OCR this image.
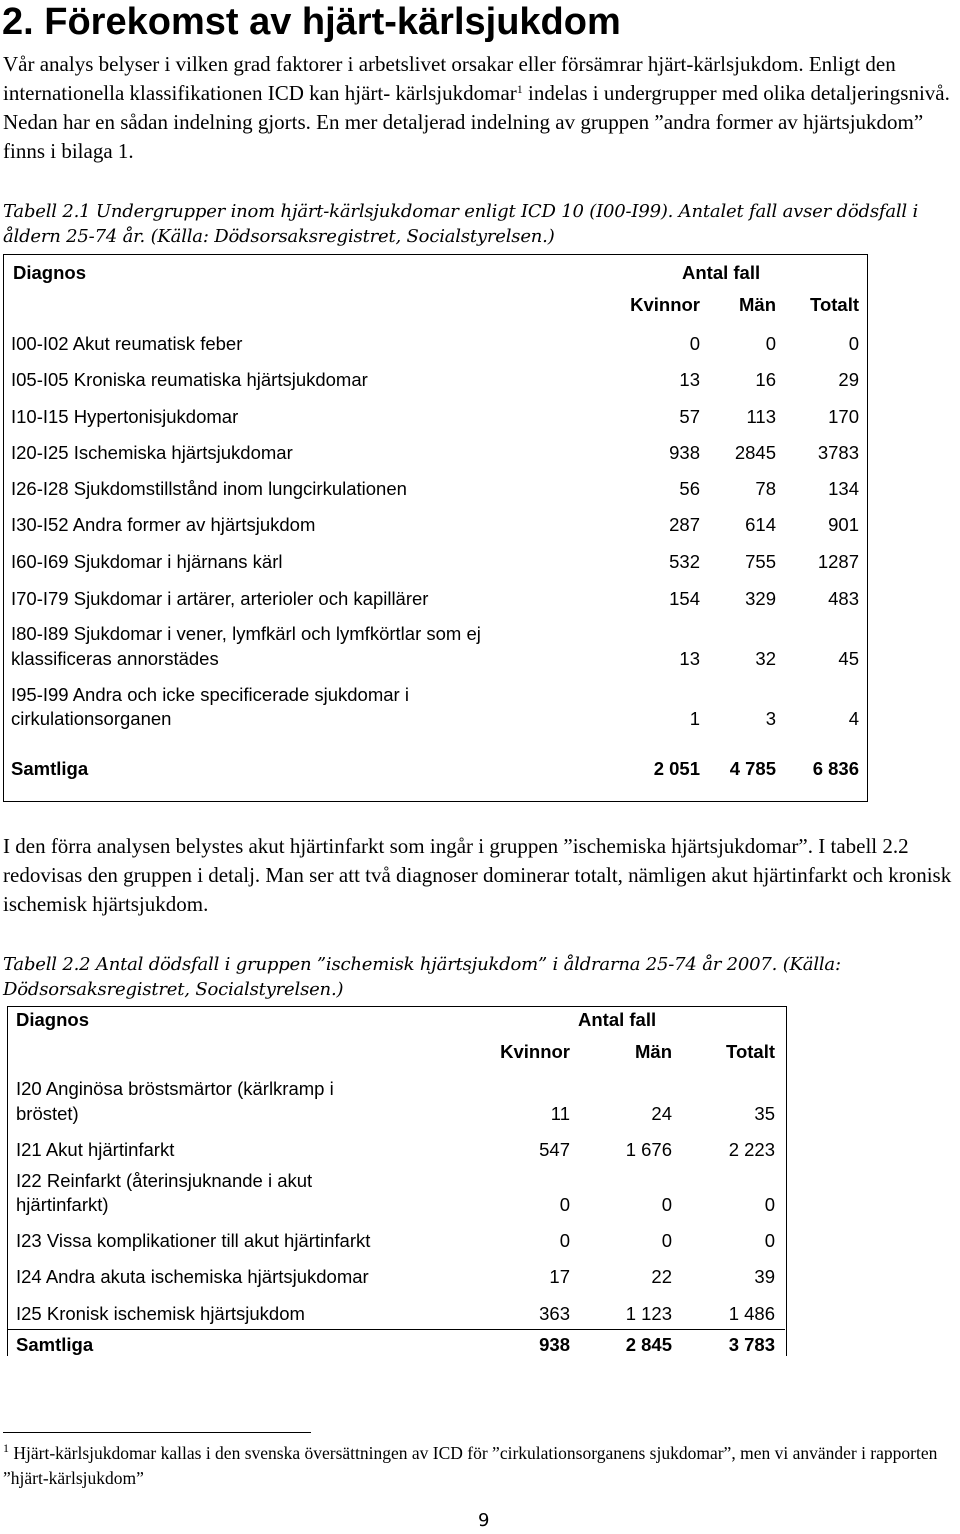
2. Förekomst av hjärt-kärlsjukdom

Vår analys belyser i vilken grad faktorer i arbetslivet orsakar eller försämrar hjärt-kärlsjukdom. Enligt den internationella klassifikationen ICD kan hjärt- kärlsjukdomar$^1$ indelas i undergrupper med olika detaljeringsnivå. Nedan har en sådan indelning gjorts. En mer detaljerad indelning av gruppen ”andra former av hjärtsjukdom” finns i bilaga 1.

Tabell 2.1 Undergrupper inom hjärt-kärlsjukdomar enligt ICD 10 (I00-I99). Antalet fall avser dödsfall i åldern 25-74 år. (Källa: Dödsorsaksregistret, Socialstyrelsen.)

Diagnos	Antal fall
Kvinnor	Män	Totalt
I00-I02 Akut reumatisk feber	0	0	0
I05-I05 Kroniska reumatiska hjärtsjukdomar	13	16	29
I10-I15 Hypertonisjukdomar	57	113	170
I20-I25 Ischemiska hjärtsjukdomar	938	2845	3783
I26-I28 Sjukdomstillstånd inom lungcirkulationen	56	78	134
I30-I52 Andra former av hjärtsjukdom	287	614	901
I60-I69 Sjukdomar i hjärnans kärl	532	755	1287
I70-I79 Sjukdomar i artärer, arterioler och kapillärer	154	329	483
I80-I89 Sjukdomar i vener, lymfkärl och lymfkörtlar som ej
klassificeras annorstädes	13	32	45
I95-I99 Andra och icke specificerade sjukdomar i
cirkulationsorganen	1	3	4
Samtliga	2 051	4 785	6 836

I den förra analysen belystes akut hjärtinfarkt som ingår i gruppen ”ischemiska hjärtsjukdomar”. I tabell 2.2 redovisas den gruppen i detalj. Man ser att två diagnoser dominerar totalt, nämligen akut hjärtinfarkt och kronisk ischemisk hjärtsjukdom.

Tabell 2.2 Antal dödsfall i gruppen ”ischemisk hjärtsjukdom” i åldrarna 25-74 år 2007. (Källa: Dödsorsaksregistret, Socialstyrelsen.)

Diagnos	Antal fall
Kvinnor	Män	Totalt
I20 Anginösa bröstsmärtor (kärlkramp i
bröstet)	11	24	35
I21 Akut hjärtinfarkt	547	1 676	2 223
I22 Reinfarkt (återinsjuknande i akut
hjärtinfarkt)	0	0	0
I23 Vissa komplikationer till akut hjärtinfarkt	0	0	0
I24 Andra akuta ischemiska hjärtsjukdomar	17	22	39
I25 Kronisk ischemisk hjärtsjukdom	363	1 123	1 486
Samtliga	938	2 845	3 783

$^1$ Hjärt-kärlsjukdomar kallas i den svenska översättningen av ICD för ”cirkulationsorganens sjukdomar”, men vi använder i rapporten ”hjärt-kärlsjukdom”

9
